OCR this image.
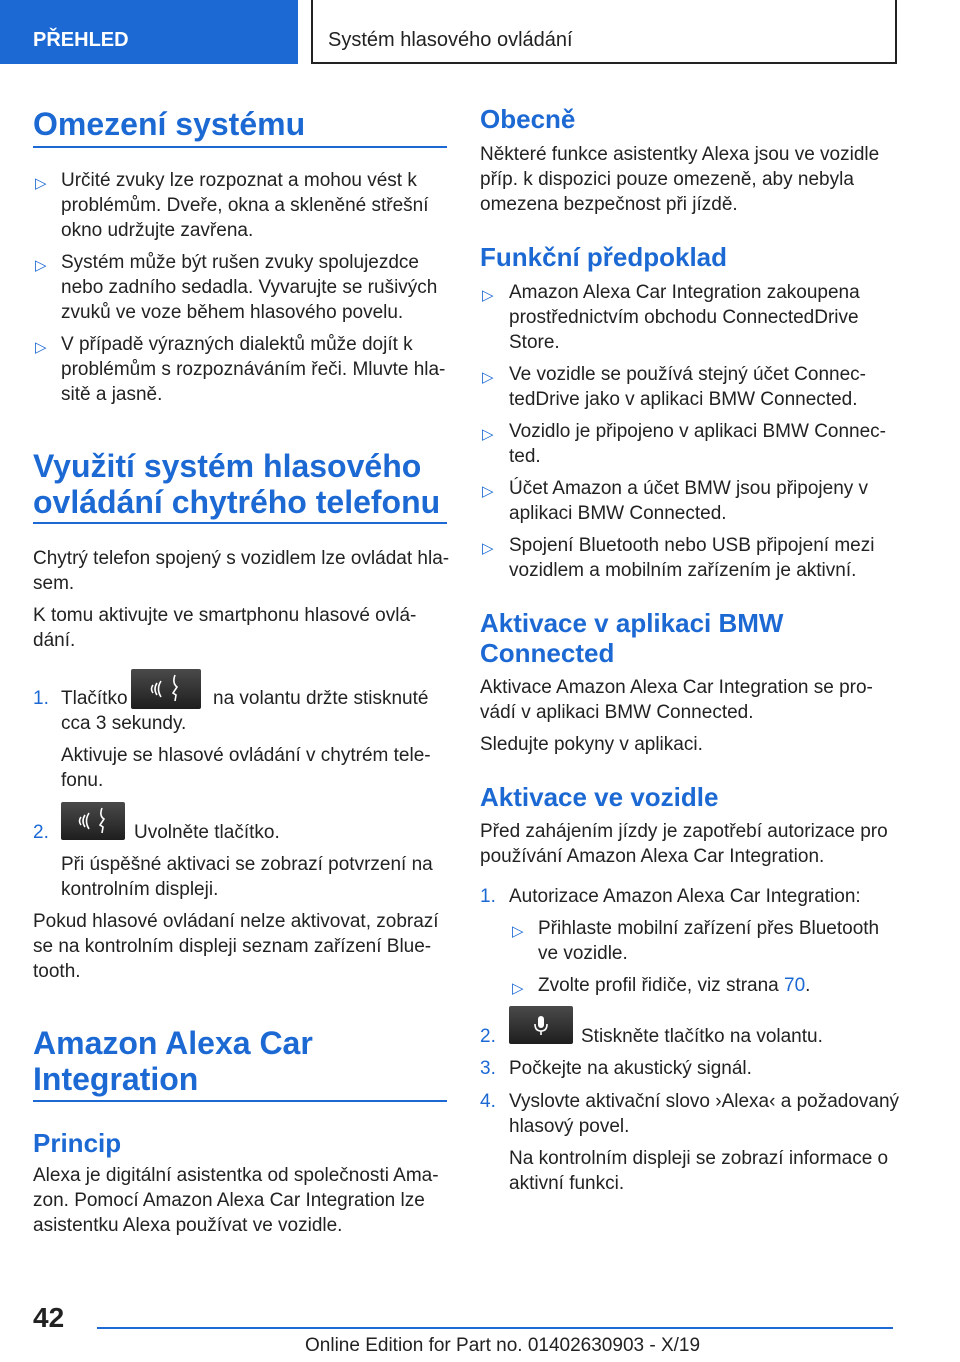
PŘEHLED	Systém hlasového ovládání
Omezení systému
▷ Určité zvuky lze rozpoznat a mohou vést k
problémům. Dveře, okna a skleněné střešní
okno udržujte zavřena.
▷ Systém může být rušen zvuky spolujezdce
nebo zadního sedadla. Vyvarujte se rušivých
zvuků ve voze během hlasového povelu.
▷ V případě výrazných dialektů může dojít k
problémům s rozpoznáváním řeči. Mluvte hla-
sitě a jasně.
Využití systém hlasového
ovládání chytrého telefonu
Chytrý telefon spojený s vozidlem lze ovládat hla-
sem.
K tomu aktivujte ve smartphonu hlasové ovlá-
dání.
1. Tlačítko	na volantu držte stisknuté
cca 3 sekundy.
Aktivuje se hlasové ovládání v chytrém tele-
fonu.
2.	Uvolněte tlačítko.
Při úspěšné aktivaci se zobrazí potvrzení na
kontrolním displeji.
Pokud hlasové ovládaní nelze aktivovat, zobrazí
se na kontrolním displeji seznam zařízení Blue-
tooth.
Amazon Alexa Car
Integration
Princip
Alexa je digitální asistentka od společnosti Ama-
zon. Pomocí Amazon Alexa Car Integration lze
asistentku Alexa používat ve vozidle.
Obecně
Některé funkce asistentky Alexa jsou ve vozidle
příp. k dispozici pouze omezeně, aby nebyla
omezena bezpečnost při jízdě.
Funkční předpoklad
▷ Amazon Alexa Car Integration zakoupena
prostřednictvím obchodu ConnectedDrive
Store.
▷ Ve vozidle se používá stejný účet Connec-
tedDrive jako v aplikaci BMW Connected.
▷ Vozidlo je připojeno v aplikaci BMW Connec-
ted.
▷ Účet Amazon a účet BMW jsou připojeny v
aplikaci BMW Connected.
▷ Spojení Bluetooth nebo USB připojení mezi
vozidlem a mobilním zařízením je aktivní.
Aktivace v aplikaci BMW
Connected
Aktivace Amazon Alexa Car Integration se pro-
vádí v aplikaci BMW Connected.
Sledujte pokyny v aplikaci.
Aktivace ve vozidle
Před zahájením jízdy je zapotřebí autorizace pro
používání Amazon Alexa Car Integration.
1. Autorizace Amazon Alexa Car Integration:
▷ Přihlaste mobilní zařízení přes Bluetooth
ve vozidle.
▷ Zvolte profil řidiče, viz strana 70.
2.	Stiskněte tlačítko na volantu.
3. Počkejte na akustický signál.
4. Vyslovte aktivační slovo ›Alexa‹ a požadovaný
hlasový povel.
Na kontrolním displeji se zobrazí informace o
aktivní funkci.
42
Online Edition for Part no. 01402630903 - X/19
